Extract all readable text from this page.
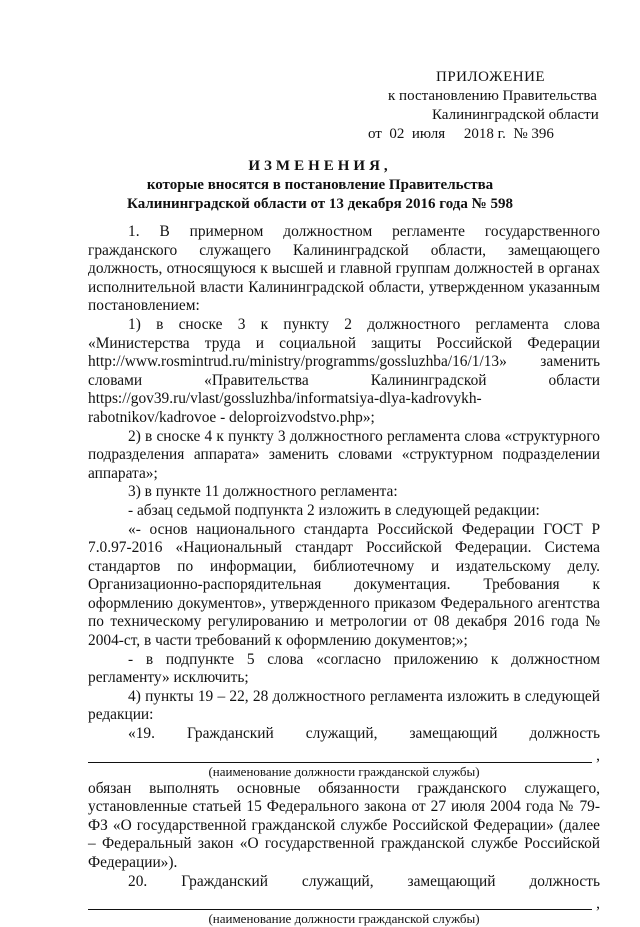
ПРИЛОЖЕНИЕ
к постановлению Правительства
Калининградской области
от  02  июля     2018 г.  № 396
ИЗМЕНЕНИЯ,
которые вносятся в постановление Правительства
Калининградской области от 13 декабря 2016 года № 598

1. В примерном должностном регламенте государственного гражданского служащего Калининградской области, замещающего должность, относящуюся к высшей и главной группам должностей в органах исполнительной власти Калининградской области, утвержденном указанным постановлением:

1) в сноске 3 к пункту 2 должностного регламента слова «Министерства труда и социальной защиты Российской Федерации http://www.rosmintrud.ru/ministry/programms/gossluzhba/16/1/13» заменить словами «Правительства Калининградской области https://gov39.ru/vlast/gossluzhba/informatsiya-dlya-kadrovykh-rabotnikov/kadrovoe - deloproizvodstvo.php»;

2) в сноске 4 к пункту 3 должностного регламента слова «структурного подразделения аппарата» заменить словами «структурном подразделении аппарата»;

3) в пункте 11 должностного регламента:

- абзац седьмой подпункта 2 изложить в следующей редакции:

«- основ национального стандарта Российской Федерации ГОСТ Р 7.0.97-2016 «Национальный стандарт Российской Федерации. Система стандартов по информации, библиотечному и издательскому делу. Организационно-распорядительная документация. Требования к оформлению документов», утвержденного приказом Федерального агентства по техническому регулированию и метрологии от 08 декабря 2016 года № 2004-ст, в части требований к оформлению документов;»;

- в подпункте 5 слова «согласно приложению к должностном регламенту» исключить;

4) пункты 19 – 22, 28 должностного регламента изложить в следующей редакции:

«19.        Гражданский        служащий,        замещающий        должность

,
(наименование должности гражданской службы)

обязан выполнять основные обязанности гражданского служащего, установленные статьей 15 Федерального закона от 27 июля 2004 года № 79-ФЗ «О государственной гражданской службе Российской Федерации» (далее – Федеральный закон «О государственной гражданской службе Российской Федерации»).

20.        Гражданский        служащий,        замещающий        должность

,
(наименование должности гражданской службы)
